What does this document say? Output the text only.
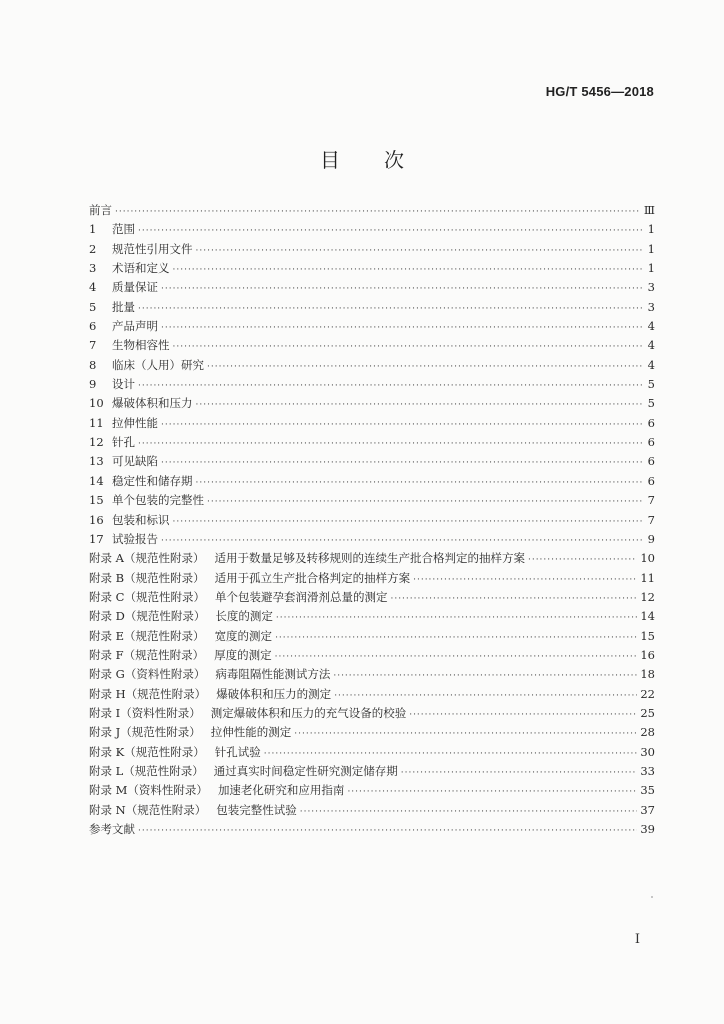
HG/T 5456—2018
目 次
前言 ·····	Ⅲ
1	范围 ·····	1
2	规范性引用文件 ·····	1
3	术语和定义 ·····	1
4	质量保证 ·····	3
5	批量 ·····	3
6	产品声明 ·····	4
7	生物相容性 ·····	4
8	临床（人用）研究 ·····	4
9	设计 ·····	5
10 爆破体积和压力 ·····	5
11 拉伸性能 ·····	6
12 针孔 ·····	6
13 可见缺陷 ·····	6
14 稳定性和储存期 ·····	6
15 单个包装的完整性 ·····	7
16 包装和标识 ·····	7
17 试验报告 ·····	9
附录 A（规范性附录） 适用于数量足够及转移规则的连续生产批合格判定的抽样方案 ·····	10
附录 B（规范性附录） 适用于孤立生产批合格判定的抽样方案 ·····	11
附录 C（规范性附录） 单个包装避孕套润滑剂总量的测定 ·····	12
附录 D（规范性附录） 长度的测定 ·····	14
附录 E（规范性附录） 宽度的测定 ·····	15
附录 F（规范性附录） 厚度的测定 ·····	16
附录 G（资料性附录） 病毒阻隔性能测试方法 ·····	18
附录 H（规范性附录） 爆破体积和压力的测定 ·····	22
附录 I（资料性附录） 测定爆破体积和压力的充气设备的校验 ·····	25
附录 J（规范性附录） 拉伸性能的测定 ·····	28
附录 K（规范性附录） 针孔试验 ·····	30
附录 L（规范性附录） 通过真实时间稳定性研究测定储存期 ·····	33
附录 M（资料性附录） 加速老化研究和应用指南 ·····	35
附录 N（规范性附录） 包装完整性试验 ·····	37
参考文献 ·····	39
I
